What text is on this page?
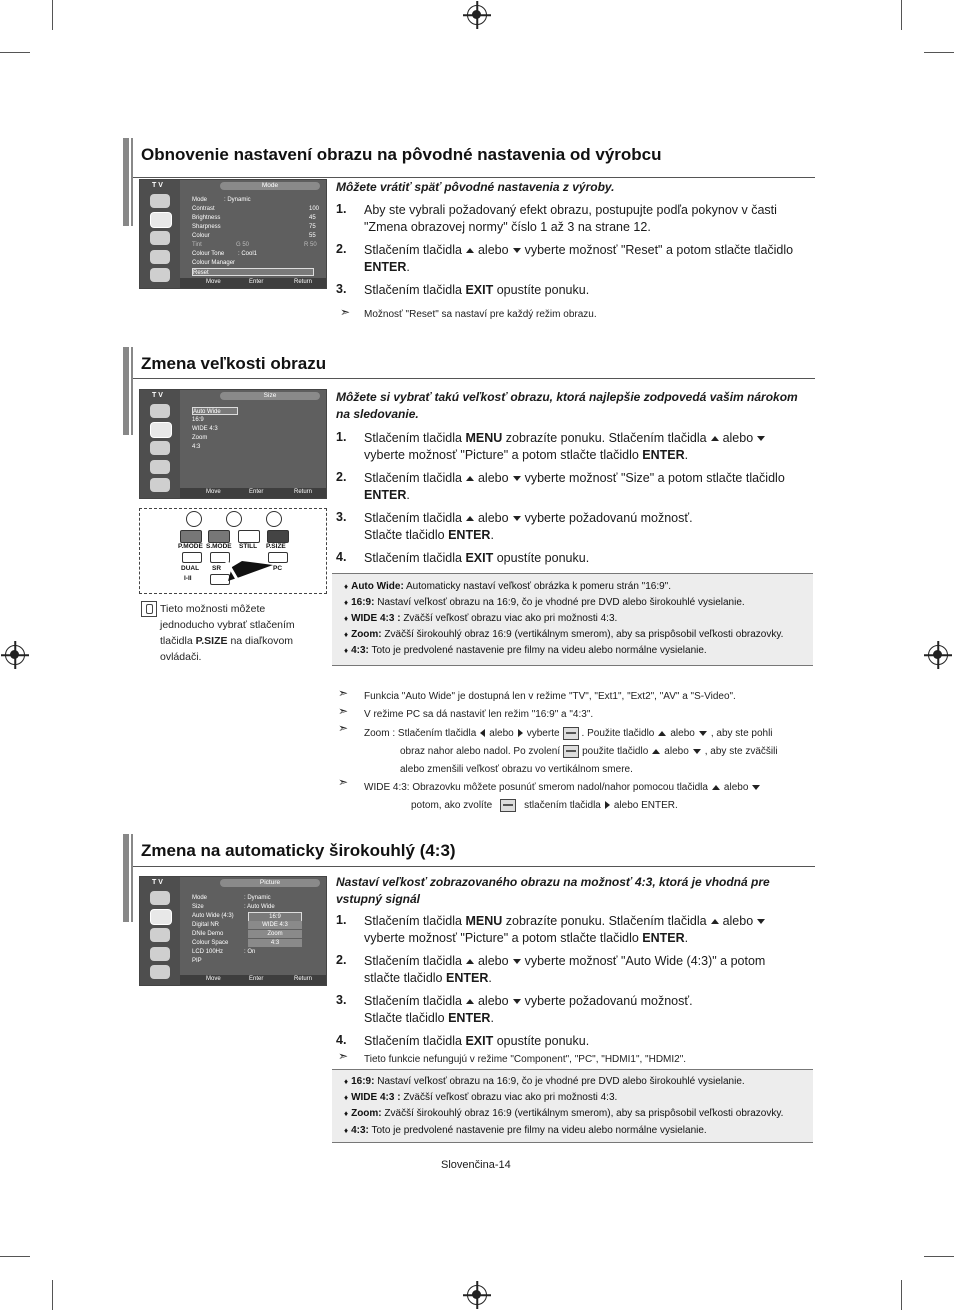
Obnovenie nastavení obrazu na pôvodné nastavenia od výrobcu
T V	Mode
Mode	: Dynamic
Contrast	100
Brightness	45
Sharpness	75
Colour	55
Tint	G 50	R 50
Colour Tone : Cool1
Colour Manager
Reset
Move	Enter	Return
Môžete vrátiť späť pôvodné nastavenia z výroby.
1. Aby ste vybrali požadovaný efekt obrazu, postupujte podľa pokynov v časti
"Zmena obrazovej normy" číslo 1 až 3 na strane 12.
2. Stlačením tlačidla alebo vyberte možnosť "Reset" a potom stlačte tlačidlo
ENTER.
3. Stlačením tlačidla EXIT opustíte ponuku.
➣ Možnosť "Reset" sa nastaví pre každý režim obrazu.
Zmena veľkosti obrazu
T V	Size
Auto Wide
16:9
WIDE 4:3
Zoom
4:3
Move	Enter	Return
P.MODE S.MODE STILL P.SIZE
DUAL SR	PC
I-II
Tieto možnosti môžete
jednoducho vybrať stlačením
tlačidla P.SIZE na diaľkovom
ovládači.
Môžete si vybrať takú veľkosť obrazu, ktorá najlepšie zodpovedá vašim nárokom
na sledovanie.
1. Stlačením tlačidla MENU zobrazíte ponuku. Stlačením tlačidla alebo
vyberte možnosť "Picture" a potom stlačte tlačidlo ENTER.
2. Stlačením tlačidla alebo vyberte možnosť "Size" a potom stlačte tlačidlo
ENTER.
3. Stlačením tlačidla alebo vyberte požadovanú možnosť.
Stlačte tlačidlo ENTER.
4. Stlačením tlačidla EXIT opustíte ponuku.
♦ Auto Wide: Automaticky nastaví veľkosť obrázka k pomeru strán "16:9".
♦ 16:9: Nastaví veľkosť obrazu na 16:9, čo je vhodné pre DVD alebo širokouhlé vysielanie.
♦ WIDE 4:3 : Zväčší veľkosť obrazu viac ako pri možnosti 4:3.
♦ Zoom: Zväčší širokouhlý obraz 16:9 (vertikálnym smerom), aby sa prispôsobil veľkosti obrazovky.
♦ 4:3: Toto je predvolené nastavenie pre filmy na videu alebo normálne vysielanie.
➣ Funkcia "Auto Wide" je dostupná len v režime "TV", "Ext1", "Ext2", "AV" a "S-Video".
➣ V režime PC sa dá nastaviť len režim "16:9" a "4:3".
➣ Zoom : Stlačením tlačidla alebo vyberte . Použite tlačidlo alebo , aby ste pohli
obraz nahor alebo nadol. Po zvolení použite tlačidlo alebo , aby ste zväčšili
alebo zmenšili veľkosť obrazu vo vertikálnom smere.
➣ WIDE 4:3: Obrazovku môžete posunúť smerom nadol/nahor pomocou tlačidla alebo
potom, ako zvolíte	stlačením tlačidla alebo ENTER.
Zmena na automaticky širokouhlý (4:3)
T V	Picture
Mode	: Dynamic
Size	: Auto Wide
Auto Wide (4:3)	16:9
Digital NR	WIDE 4:3
DNIe Demo	Zoom
Colour Space	4:3
LCD 100Hz	: On
PIP
Move	Enter	Return
Nastaví veľkosť zobrazovaného obrazu na možnosť 4:3, ktorá je vhodná pre
vstupný signál
1. Stlačením tlačidla MENU zobrazíte ponuku. Stlačením tlačidla alebo
vyberte možnosť "Picture" a potom stlačte tlačidlo ENTER.
2. Stlačením tlačidla alebo vyberte možnosť "Auto Wide (4:3)" a potom
stlačte tlačidlo ENTER.
3. Stlačením tlačidla alebo vyberte požadovanú možnosť.
Stlačte tlačidlo ENTER.
4. Stlačením tlačidla EXIT opustíte ponuku.
➣ Tieto funkcie nefungujú v režime "Component", "PC", "HDMI1", "HDMI2".
♦ 16:9: Nastaví veľkosť obrazu na 16:9, čo je vhodné pre DVD alebo širokouhlé vysielanie.
♦ WIDE 4:3 : Zväčší veľkosť obrazu viac ako pri možnosti 4:3.
♦ Zoom: Zväčší širokouhlý obraz 16:9 (vertikálnym smerom), aby sa prispôsobil veľkosti obrazovky.
♦ 4:3: Toto je predvolené nastavenie pre filmy na videu alebo normálne vysielanie.
Slovenčina-14
